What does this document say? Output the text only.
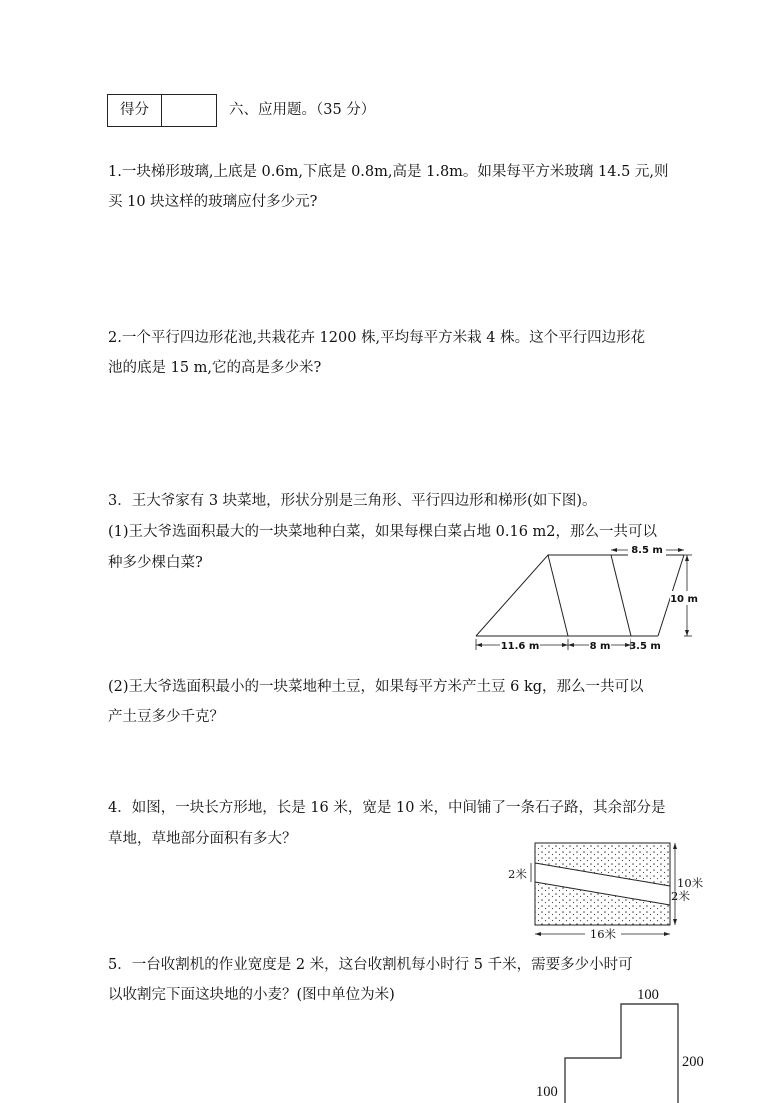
得分	六、应用题。（35 分）
1.一块梯形玻璃,上底是 0.6m,下底是 0.8m,高是 1.8m。如果每平方米玻璃 14.5 元,则
买 10 块这样的玻璃应付多少元?
2.一个平行四边形花池,共栽花卉 1200 株,平均每平方米栽 4 株。这个平行四边形花
池的底是 15 m,它的高是多少米?
3．王大爷家有 3 块菜地，形状分别是三角形、平行四边形和梯形(如下图)。
(1)王大爷选面积最大的一块菜地种白菜，如果每棵白菜占地 0.16 m2，那么一共可以
种多少棵白菜?
8.5 m
10 m
11.6 m	8 m 3.5 m
(2)王大爷选面积最小的一块菜地种土豆，如果每平方米产土豆 6 kg，那么一共可以
产土豆多少千克？
4．如图，一块长方形地，长是 16 米，宽是 10 米，中间铺了一条石子路，其余部分是
草地，草地部分面积有多大？
2米
10米
2米
16米
5．一台收割机的作业宽度是 2 米，这台收割机每小时行 5 千米，需要多少小时可
以收割完下面这块地的小麦？(图中单位为米)	100
200
100
